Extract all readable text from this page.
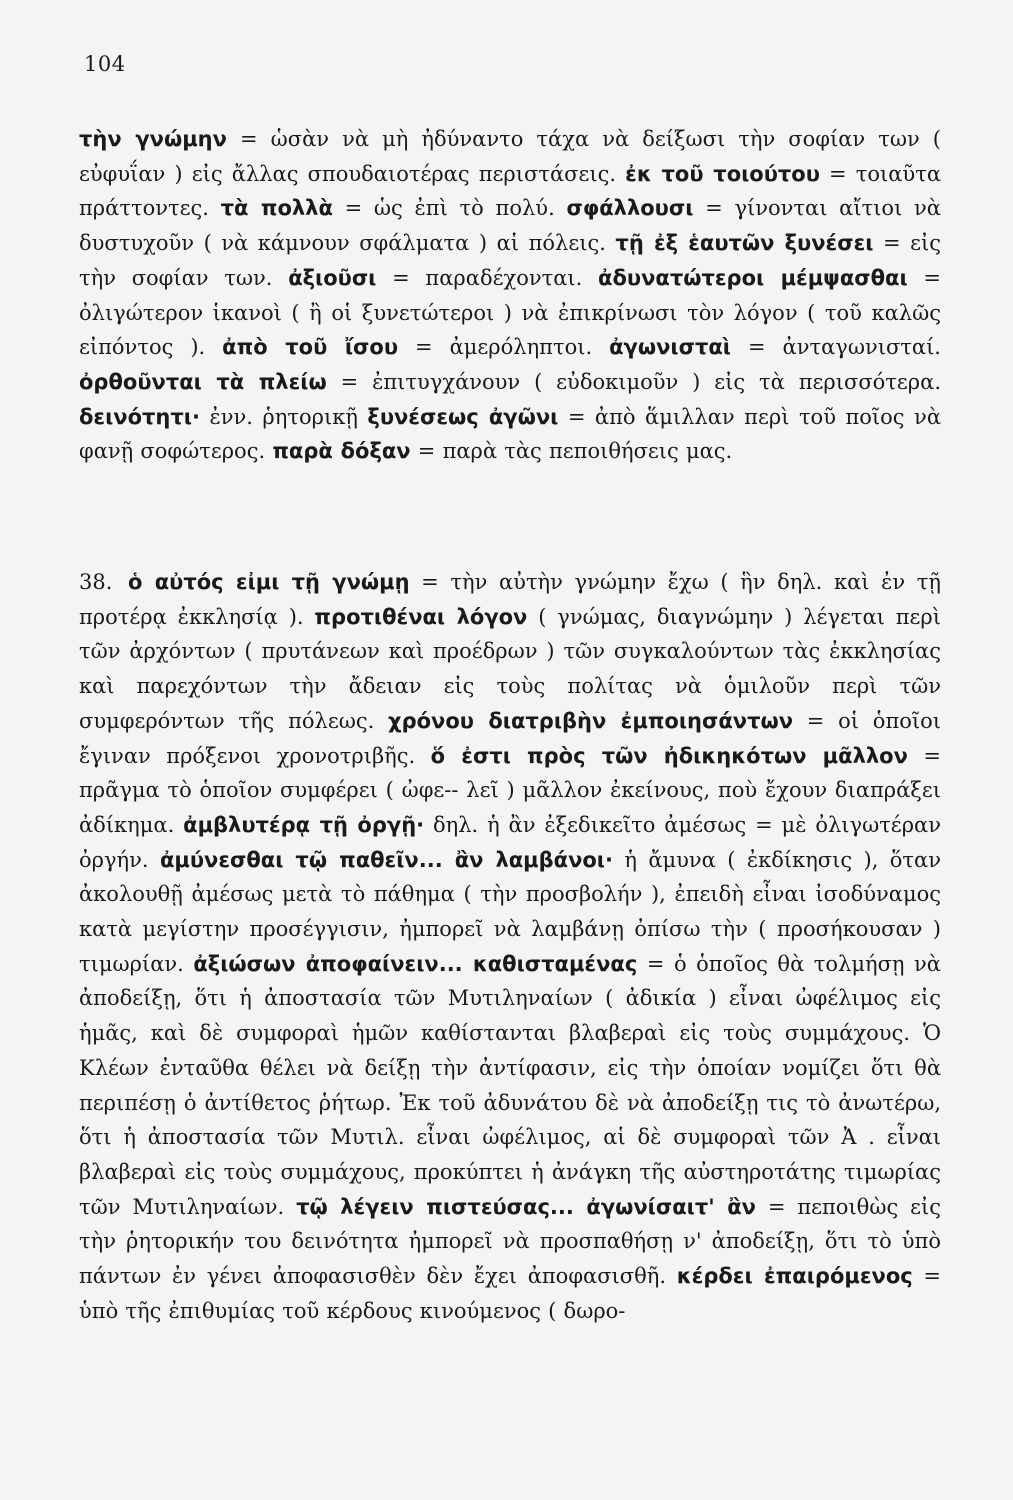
104

τὴν γνώμην = ὡσὰν νὰ μὴ ἠδύναντο τάχα νὰ δείξωσι τὴν σοφίαν των ( εὐφυΐαν ) εἰς ἄλλας σπουδαιοτέρας περιστάσεις. ἐκ τοῦ τοιούτου = τοιαῦτα πράττοντες. τὰ πολλὰ = ὡς ἐπὶ τὸ πολύ. σφάλλουσι = γίνονται αἴτιοι νὰ δυστυχοῦν ( νὰ κάμνουν σφάλματα ) αἱ πόλεις. τῇ ἐξ ἑαυτῶν ξυνέσει = εἰς τὴν σοφίαν των. ἀξιοῦσι = παραδέχονται. ἀδυνατώτεροι μέμψασθαι = ὀλιγώτερον ἱκανοὶ ( ἢ οἱ ξυνετώτεροι ) νὰ ἐπικρίνωσι τὸν λόγον ( τοῦ καλῶς εἰπόντος ). ἀπὸ τοῦ ἴσου = ἀμερόληπτοι. ἀγωνισταὶ = ἀνταγωνισταί. ὀρθοῦνται τὰ πλείω = ἐπιτυγχάνουν ( εὐδοκιμοῦν ) εἰς τὰ περισσότερα. δεινότητι· ἐνν. ῥητορικῇ ξυνέσεως ἀγῶνι = ἀπὸ ἅμιλλαν περὶ τοῦ ποῖος νὰ φανῇ σοφώτερος. παρὰ δόξαν = παρὰ τὰς πεποιθήσεις μας.

38. ὁ αὐτός εἰμι τῇ γνώμῃ = τὴν αὐτὴν γνώμην ἔχω ( ἣν δηλ. καὶ ἐν τῇ προτέρᾳ ἐκκλησίᾳ ). προτιθέναι λόγον ( γνώμας, διαγνώμην ) λέγεται περὶ τῶν ἀρχόντων ( πρυτάνεων καὶ προέδρων ) τῶν συγκαλούντων τὰς ἐκκλησίας καὶ παρεχόντων τὴν ἄδειαν εἰς τοὺς πολίτας νὰ ὁμιλοῦν περὶ τῶν συμφερόντων τῆς πόλεως. χρόνου διατριβὴν ἐμποιησάντων = οἱ ὁποῖοι ἔγιναν πρόξενοι χρονοτριβῆς. ὅ ἐστι πρὸς τῶν ἠδικηκότων μᾶλλον = πρᾶγμα τὸ ὁποῖον συμφέρει ( ὠφε-- λεῖ ) μᾶλλον ἐκείνους, ποὺ ἔχουν διαπράξει ἀδίκημα. ἀμβλυτέρᾳ τῇ ὀργῇ· δηλ. ἡ ἂν ἐξεδικεῖτο ἀμέσως = μὲ ὀλιγωτέραν ὀργήν. ἀμύνεσθαι τῷ παθεῖν... ἂν λαμβάνοι· ἡ ἄμυνα ( ἐκδίκησις ), ὅταν ἀκολουθῇ ἀμέσως μετὰ τὸ πάθημα ( τὴν προσβολήν ), ἐπειδὴ εἶναι ἰσοδύναμος κατὰ μεγίστην προσέγγισιν, ἠμπορεῖ νὰ λαμβάνῃ ὀπίσω τὴν ( προσήκουσαν ) τιμωρίαν. ἀξιώσων ἀποφαίνειν... καθισταμένας = ὁ ὁποῖος θὰ τολμήσῃ νὰ ἀποδείξῃ, ὅτι ἡ ἀποστασία τῶν Μυτιληναίων ( ἀδικία ) εἶναι ὠφέλιμος εἰς ἡμᾶς, καὶ δὲ συμφοραὶ ἡμῶν καθίστανται βλαβεραὶ εἰς τοὺς συμμάχους. Ὁ Κλέων ἐνταῦθα θέλει νὰ δείξῃ τὴν ἀντίφασιν, εἰς τὴν ὁποίαν νομίζει ὅτι θὰ περιπέσῃ ὁ ἀντίθετος ῥήτωρ. Ἐκ τοῦ ἀδυνάτου δὲ νὰ ἀποδείξῃ τις τὸ ἀνωτέρω, ὅτι ἡ ἀποστασία τῶν Μυτιλ. εἶναι ὠφέλιμος, αἱ δὲ συμφοραὶ τῶν Ἀ . εἶναι βλαβεραὶ εἰς τοὺς συμμάχους, προκύπτει ἡ ἀνάγκη τῆς αὐστηροτάτης τιμωρίας τῶν Μυτιληναίων. τῷ λέγειν πιστεύσας... ἀγωνίσαιτ' ἂν = πεποιθὼς εἰς τὴν ῥητορικήν του δεινότητα ἠμπορεῖ νὰ προσπαθήσῃ ν' ἀποδείξῃ, ὅτι τὸ ὑπὸ πάντων ἐν γένει ἀποφασισθὲν δὲν ἔχει ἀποφασισθῆ. κέρδει ἐπαιρόμενος = ὑπὸ τῆς ἐπιθυμίας τοῦ κέρδους κινούμενος ( δωρο-
